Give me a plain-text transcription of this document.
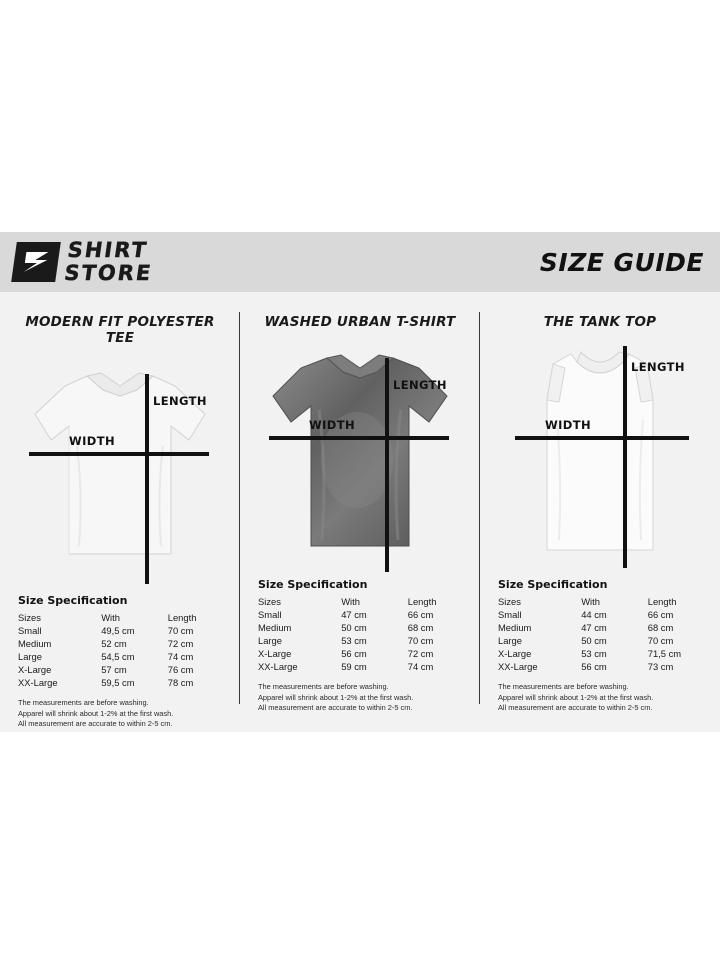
SHIRT
STORE	SIZE GUIDE
MODERN FIT POLYESTER TEE
LENGTH
WIDTH
Size Specification
Sizes	With	Length
Small	49,5 cm	70 cm
Medium	52 cm	72 cm
Large	54,5 cm	74 cm
X-Large	57 cm	76 cm
XX-Large	59,5 cm	78 cm
The measurements are before washing.
Apparel will shrink about 1-2% at the first wash.
All measurement are accurate to within 2-5 cm.
WASHED URBAN T-SHIRT
LENGTH
WIDTH
Size Specification
Sizes	With	Length
Small	47 cm	66 cm
Medium	50 cm	68 cm
Large	53 cm	70 cm
X-Large	56 cm	72 cm
XX-Large	59 cm	74 cm
The measurements are before washing.
Apparel will shrink about 1-2% at the first wash.
All measurement are accurate to within 2-5 cm.
THE TANK TOP
LENGTH
WIDTH
Size Specification
Sizes	With	Length
Small	44 cm	66 cm
Medium	47 cm	68 cm
Large	50 cm	70 cm
X-Large	53 cm	71,5 cm
XX-Large	56 cm	73 cm
The measurements are before washing.
Apparel will shrink about 1-2% at the first wash.
All measurement are accurate to within 2-5 cm.
